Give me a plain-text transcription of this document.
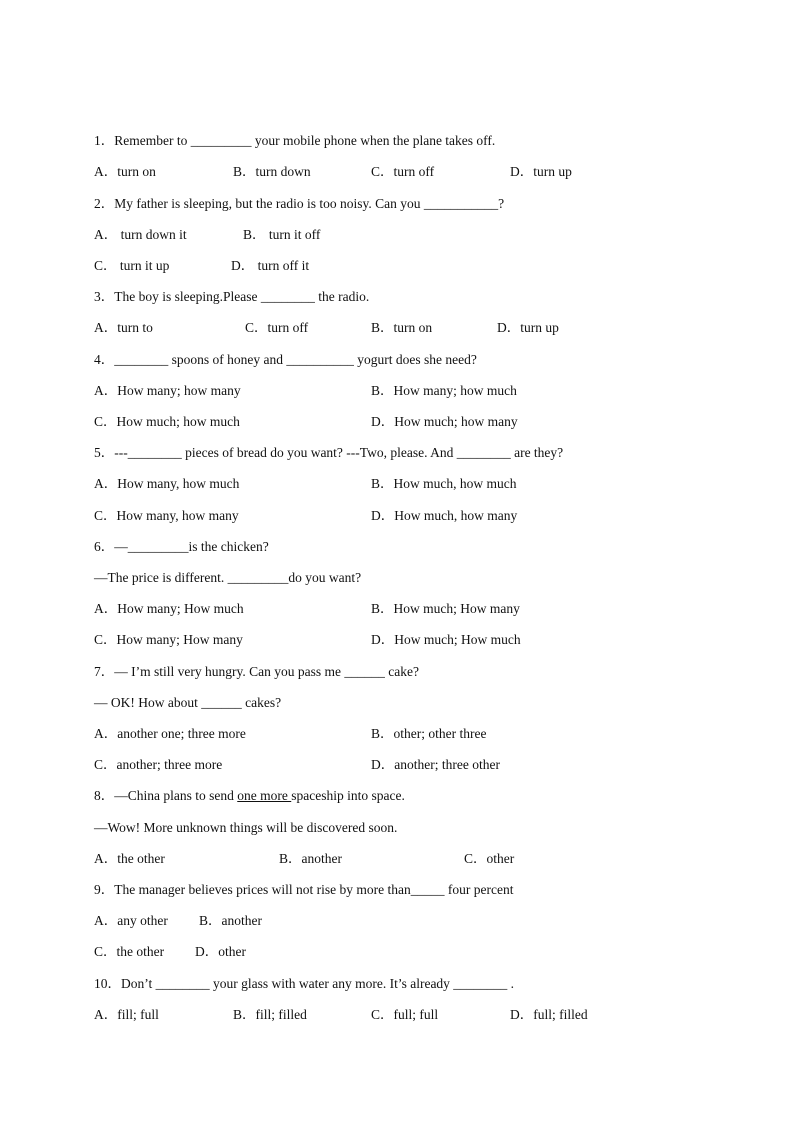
1．Remember to _________ your mobile phone when the plane takes off.
A．turn on	B．turn down	C．turn off	D．turn up
2．My father is sleeping, but the radio is too noisy. Can you ___________?
A． turn down it	B． turn it off
C． turn it up	D． turn off it
3．The boy is sleeping.Please ________ the radio.
A．turn to	C．turn off	B．turn on	D．turn up
4．________ spoons of honey and __________ yogurt does she need?
A．How many; how many	B．How many; how much
C．How much; how much	D．How much; how many
5．---________ pieces of bread do you want? ---Two, please. And ________ are they?
A．How many, how much	B．How much, how much
C．How many, how many	D．How much, how many
6．—_________is the chicken?
—The price is different. _________do you want?
A．How many; How much	B．How much; How many
C．How many; How many	D．How much; How much
7．— I’m still very hungry. Can you pass me ______ cake?
— OK! How about ______ cakes?
A．another one; three more	B．other; other three
C．another; three more	D．another; three other
8．—China plans to send one more spaceship into space.
—Wow! More unknown things will be discovered soon.
A．the other	B．another	C．other
9．The manager believes prices will not rise by more than_____ four percent
A．any other B．another
C．the other D．other
10．Don’t ________ your glass with water any more. It’s already ________ .
A．fill; full	B．fill; filled	C．full; full	D．full; filled
